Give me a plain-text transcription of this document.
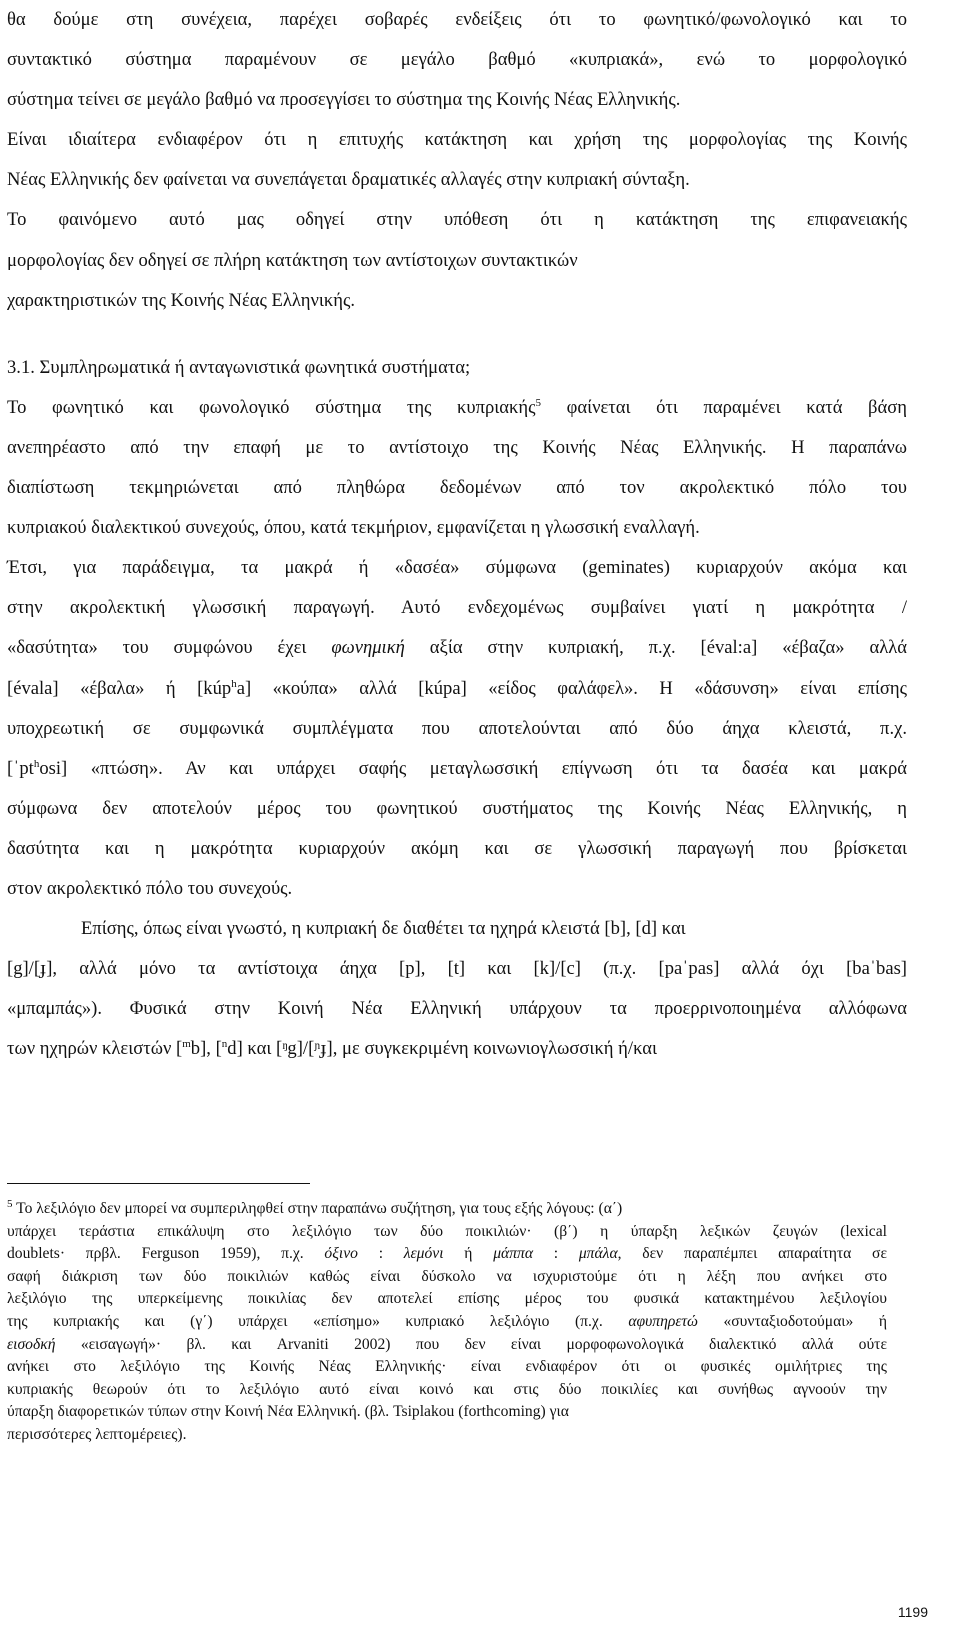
θα δούμε στη συνέχεια, παρέχει σοβαρές ενδείξεις ότι το φωνητικό/φωνολογικό και το
συντακτικό σύστημα παραμένουν σε μεγάλο βαθμό «κυπριακά», ενώ το μορφολογικό
σύστημα τείνει σε μεγάλο βαθμό να προσεγγίσει το σύστημα της Κοινής Νέας Ελληνικής.
Είναι ιδιαίτερα ενδιαφέρον ότι η επιτυχής κατάκτηση και χρήση της μορφολογίας της Κοινής
Νέας Ελληνικής δεν φαίνεται να συνεπάγεται δραματικές αλλαγές στην κυπριακή σύνταξη.
Το φαινόμενο αυτό μας οδηγεί στην υπόθεση ότι η κατάκτηση της επιφανειακής
μορφολογίας δεν οδηγεί σε πλήρη κατάκτηση των αντίστοιχων συντακτικών
χαρακτηριστικών της Κοινής Νέας Ελληνικής.

3.1. Συμπληρωματικά ή ανταγωνιστικά φωνητικά συστήματα;
Το φωνητικό και φωνολογικό σύστημα της κυπριακής$^5$ φαίνεται ότι παραμένει κατά βάση
ανεπηρέαστο από την επαφή με το αντίστοιχο της Κοινής Νέας Ελληνικής. Η παραπάνω
διαπίστωση τεκμηριώνεται από πληθώρα δεδομένων από τον ακρολεκτικό πόλο του
κυπριακού διαλεκτικού συνεχούς, όπου, κατά τεκμήριον, εμφανίζεται η γλωσσική εναλλαγή.
Έτσι, για παράδειγμα, τα μακρά ή «δασέα» σύμφωνα (geminates) κυριαρχούν ακόμα και
στην ακρολεκτική γλωσσική παραγωγή. Αυτό ενδεχομένως συμβαίνει γιατί η μακρότητα /
«δασύτητα» του συμφώνου έχει φωνημική αξία στην κυπριακή, π.χ. [éval:a] «έβαζα» αλλά
[évala] «έβαλα» ή [kúp$^h$a] «κούπα» αλλά [kúpa] «είδος φαλάφελ». Η «δάσυνση» είναι επίσης
υποχρεωτική σε συμφωνικά συμπλέγματα που αποτελούνται από δύο άηχα κλειστά, π.χ.
[ˈpt$^h$osi] «πτώση». Αν και υπάρχει σαφής μεταγλωσσική επίγνωση ότι τα δασέα και μακρά
σύμφωνα δεν αποτελούν μέρος του φωνητικού συστήματος της Κοινής Νέας Ελληνικής, η
δασύτητα και η μακρότητα κυριαρχούν ακόμη και σε γλωσσική παραγωγή που βρίσκεται
στον ακρολεκτικό πόλο του συνεχούς.

Επίσης, όπως είναι γνωστό, η κυπριακή δε διαθέτει τα ηχηρά κλειστά [b], [d] και
[g]/[ɟ], αλλά μόνο τα αντίστοιχα άηχα [p], [t] και [k]/[c] (π.χ. [paˈpas] αλλά όχι [baˈbas]
«μπαμπάς»). Φυσικά στην Κοινή Νέα Ελληνική υπάρχουν τα προερρινοποιημένα αλλόφωνα
των ηχηρών κλειστών [$^m$b], [$^n$d] και [ᵑg]/[ᶮɟ], με συγκεκριμένη κοινωνιογλωσσική ή/και

$^5$ Το λεξιλόγιο δεν μπορεί να συμπεριληφθεί στην παραπάνω συζήτηση, για τους εξής λόγους: (α΄)
υπάρχει τεράστια επικάλυψη στο λεξιλόγιο των δύο ποικιλιών· (β΄) η ύπαρξη λεξικών ζευγών (lexical
doublets· πρβλ. Ferguson 1959), π.χ. όξινο : λεμόνι ή μάππα : μπάλα, δεν παραπέμπει απαραίτητα σε
σαφή διάκριση των δύο ποικιλιών καθώς είναι δύσκολο να ισχυριστούμε ότι η λέξη που ανήκει στο
λεξιλόγιο της υπερκείμενης ποικιλίας δεν αποτελεί επίσης μέρος του φυσικά κατακτημένου λεξιλογίου
της κυπριακής και (γ΄) υπάρχει «επίσημο» κυπριακό λεξιλόγιο (π.χ. αφυπηρετώ «συνταξιοδοτούμαι» ή
εισοδκή «εισαγωγή»· βλ. και Arvaniti 2002) που δεν είναι μορφοφωνολογικά διαλεκτικό αλλά ούτε
ανήκει στο λεξιλόγιο της Κοινής Νέας Ελληνικής· είναι ενδιαφέρον ότι οι φυσικές ομιλήτριες της
κυπριακής θεωρούν ότι το λεξιλόγιο αυτό είναι κοινό και στις δύο ποικιλίες και συνήθως αγνοούν την
ύπαρξη διαφορετικών τύπων στην Κοινή Νέα Ελληνική. (βλ. Tsiplakou (forthcoming) για
περισσότερες λεπτομέρειες).
1199
